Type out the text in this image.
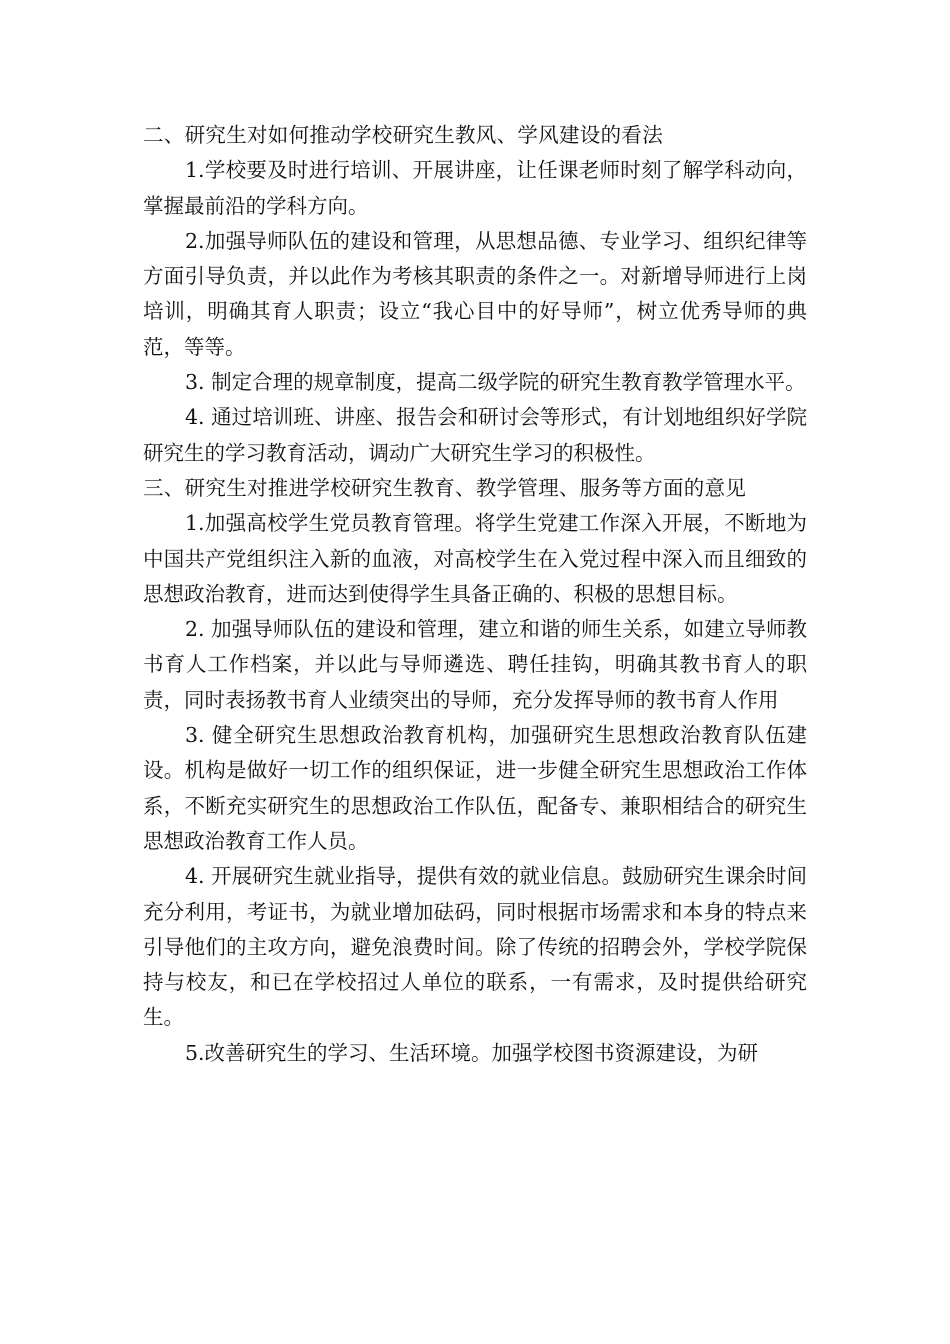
二、研究生对如何推动学校研究生教风、学风建设的看法

1.学校要及时进行培训、开展讲座，让任课老师时刻了解学科动向，掌握最前沿的学科方向。

2.加强导师队伍的建设和管理，从思想品德、专业学习、组织纪律等方面引导负责，并以此作为考核其职责的条件之一。对新增导师进行上岗培训，明确其育人职责；设立“我心目中的好导师”，树立优秀导师的典范，等等。

3. 制定合理的规章制度，提高二级学院的研究生教育教学管理水平。

4. 通过培训班、讲座、报告会和研讨会等形式，有计划地组织好学院研究生的学习教育活动，调动广大研究生学习的积极性。

三、研究生对推进学校研究生教育、教学管理、服务等方面的意见

1.加强高校学生党员教育管理。将学生党建工作深入开展，不断地为中国共产党组织注入新的血液，对高校学生在入党过程中深入而且细致的思想政治教育，进而达到使得学生具备正确的、积极的思想目标。

2. 加强导师队伍的建设和管理，建立和谐的师生关系，如建立导师教书育人工作档案，并以此与导师遴选、聘任挂钩，明确其教书育人的职责，同时表扬教书育人业绩突出的导师，充分发挥导师的教书育人作用

3. 健全研究生思想政治教育机构，加强研究生思想政治教育队伍建设。机构是做好一切工作的组织保证，进一步健全研究生思想政治工作体系，不断充实研究生的思想政治工作队伍，配备专、兼职相结合的研究生思想政治教育工作人员。

4. 开展研究生就业指导，提供有效的就业信息。鼓励研究生课余时间充分利用，考证书，为就业增加砝码，同时根据市场需求和本身的特点来引导他们的主攻方向，避免浪费时间。除了传统的招聘会外，学校学院保持与校友，和已在学校招过人单位的联系，一有需求，及时提供给研究生。

5.改善研究生的学习、生活环境。加强学校图书资源建设，为研
